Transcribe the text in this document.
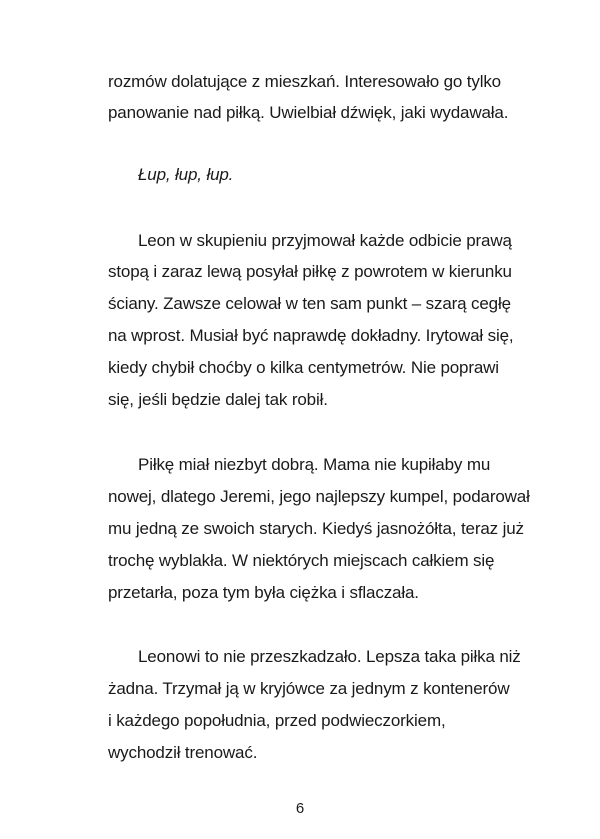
rozmów dolatujące z mieszkań. Interesowało go tylko
panowanie nad piłką. Uwielbiał dźwięk, jaki wydawała.
Łup, łup, łup.
Leon w skupieniu przyjmował każde odbicie prawą
stopą i zaraz lewą posyłał piłkę z powrotem w kierunku
ściany. Zawsze celował w ten sam punkt – szarą cegłę
na wprost. Musiał być naprawdę dokładny. Irytował się,
kiedy chybił choćby o kilka centymetrów. Nie poprawi
się, jeśli będzie dalej tak robił.
Piłkę miał niezbyt dobrą. Mama nie kupiłaby mu
nowej, dlatego Jeremi, jego najlepszy kumpel, podarował
mu jedną ze swoich starych. Kiedyś jasnożółta, teraz już
trochę wyblakła. W niektórych miejscach całkiem się
przetarła, poza tym była ciężka i sflaczała.
Leonowi to nie przeszkadzało. Lepsza taka piłka niż
żadna. Trzymał ją w kryjówce za jednym z kontenerów
i każdego popołudnia, przed podwieczorkiem,
wychodził trenować.
6
